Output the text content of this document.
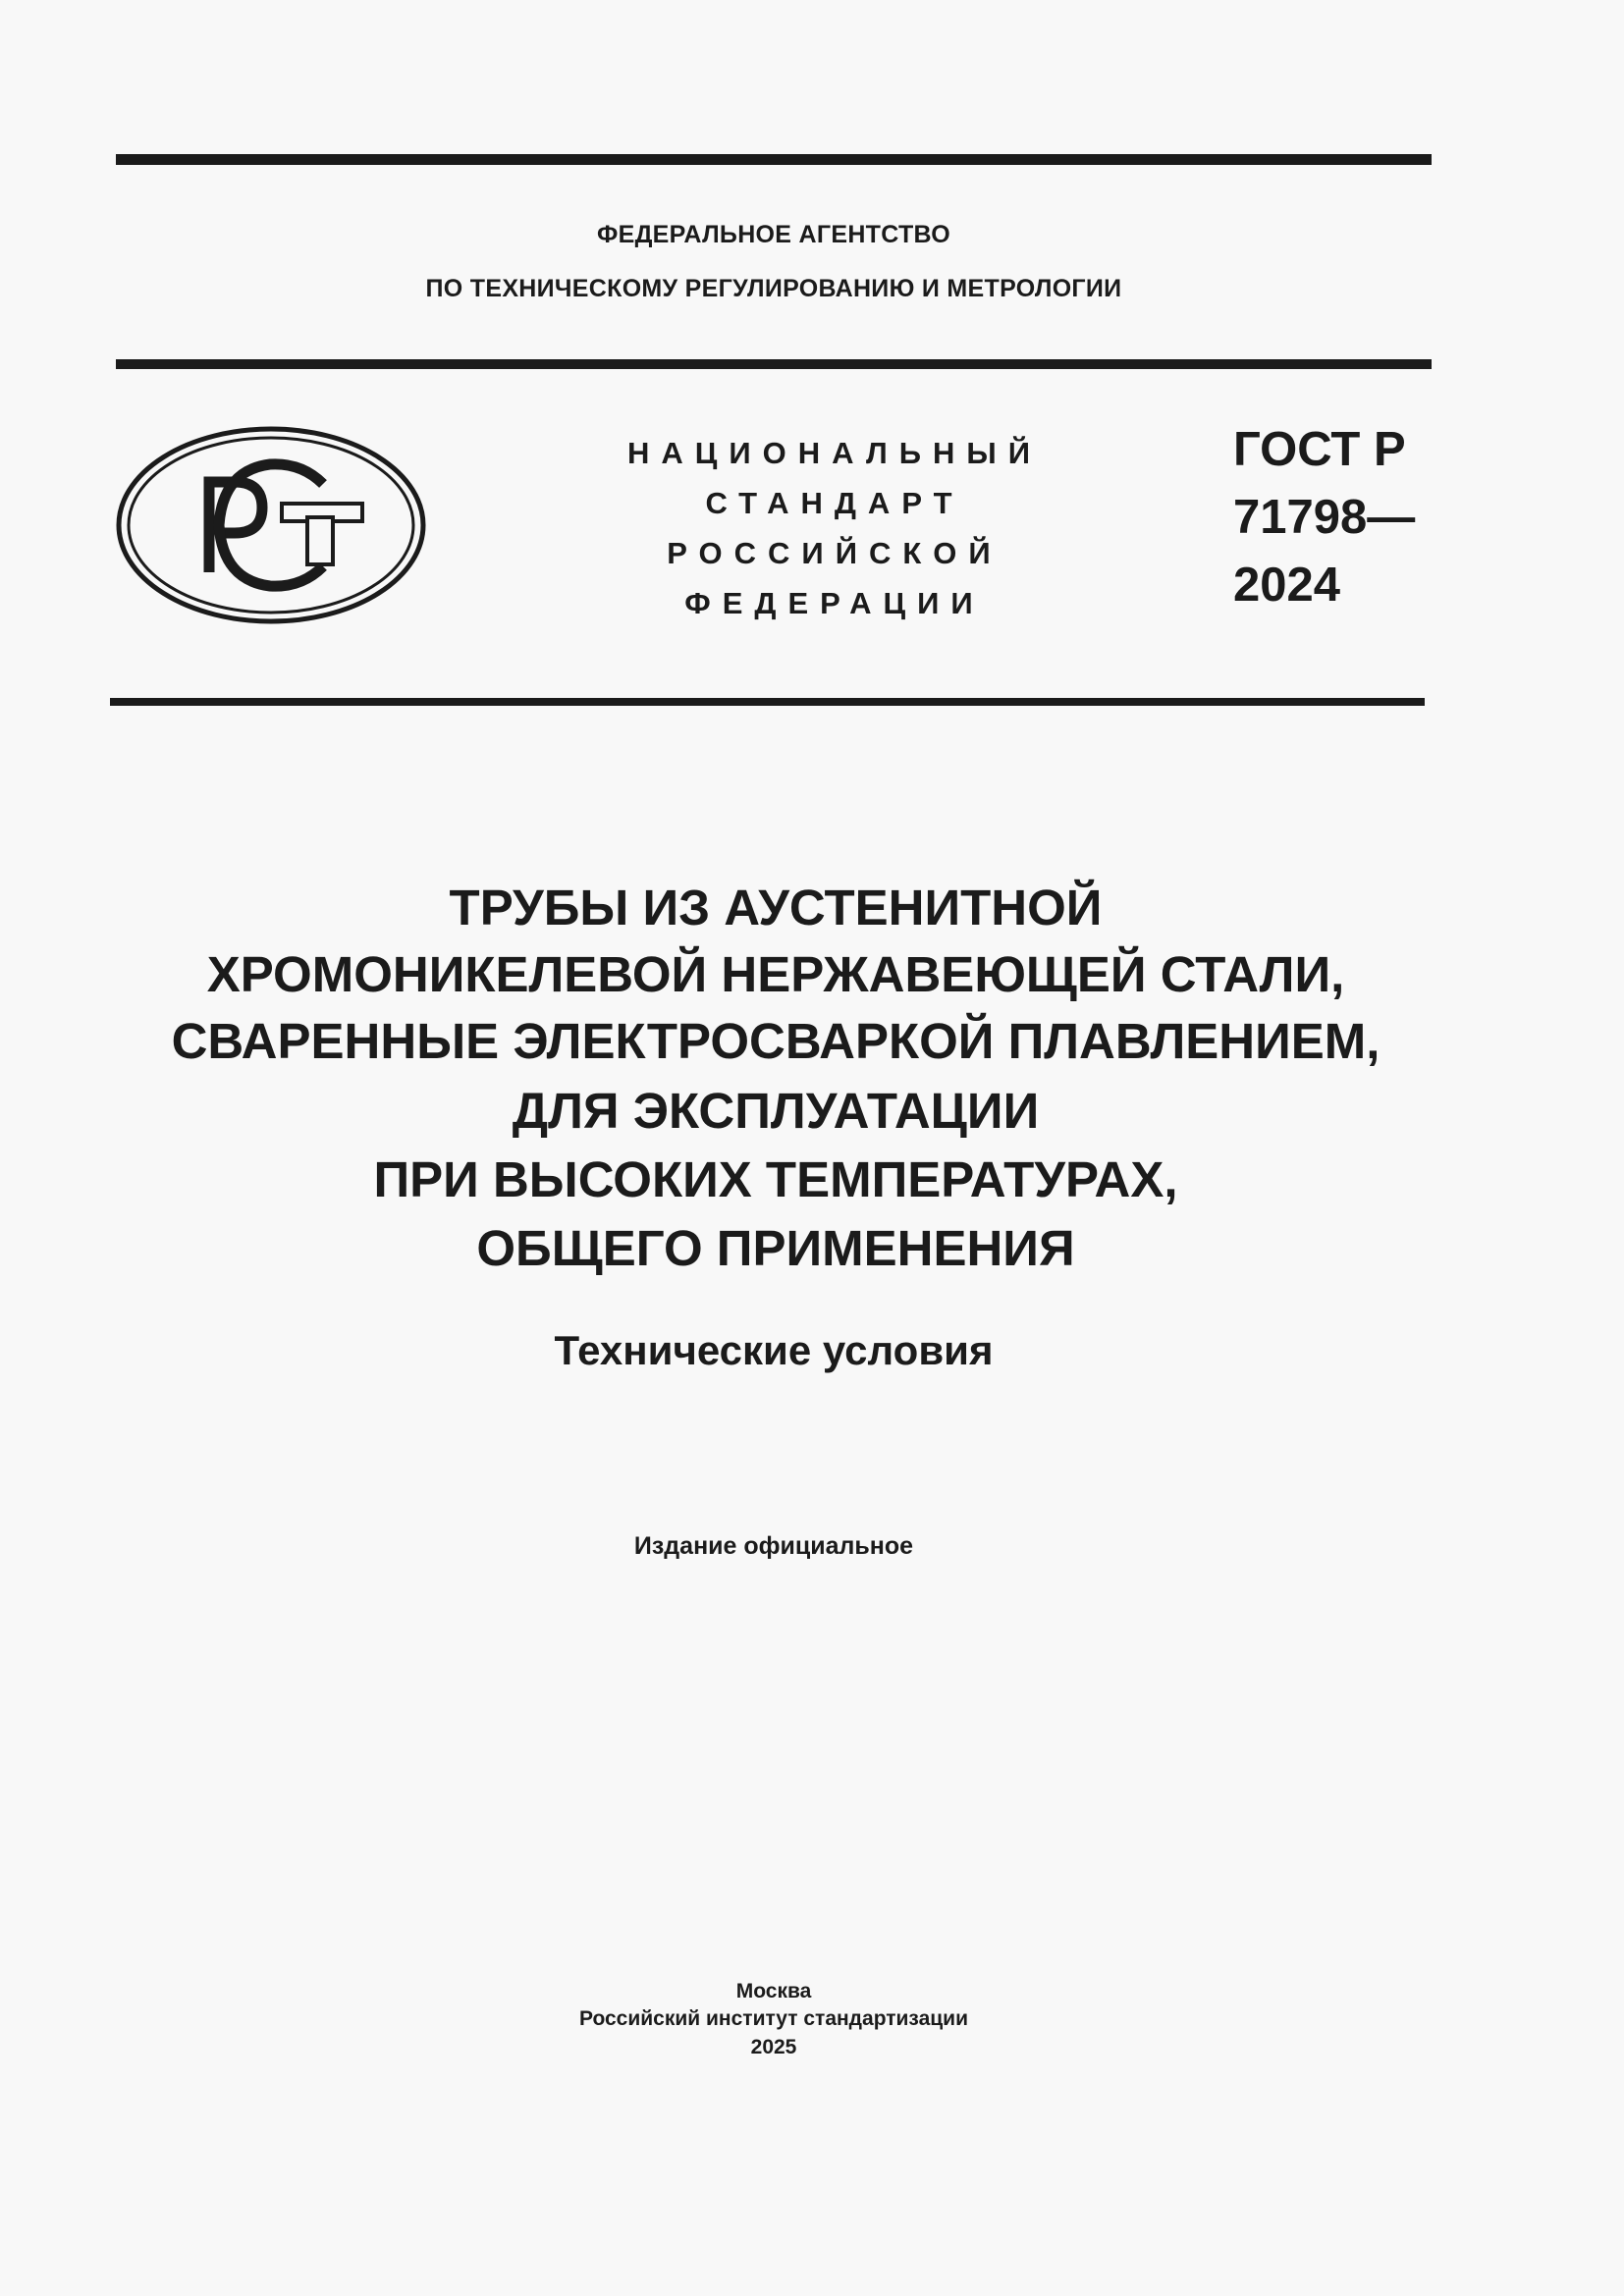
ФЕДЕРАЛЬНОЕ АГЕНТСТВО
ПО ТЕХНИЧЕСКОМУ РЕГУЛИРОВАНИЮ И МЕТРОЛОГИИ
НАЦИОНАЛЬНЫЙ
СТАНДАРТ
РОССИЙСКОЙ
ФЕДЕРАЦИИ
ГОСТ Р
71798—
2024
ТРУБЫ ИЗ АУСТЕНИТНОЙ
ХРОМОНИКЕЛЕВОЙ НЕРЖАВЕЮЩЕЙ СТАЛИ,
СВАРЕННЫЕ ЭЛЕКТРОСВАРКОЙ ПЛАВЛЕНИЕМ,
ДЛЯ ЭКСПЛУАТАЦИИ
ПРИ ВЫСОКИХ ТЕМПЕРАТУРАХ,
ОБЩЕГО ПРИМЕНЕНИЯ
Технические условия
Издание официальное
Москва
Российский институт стандартизации
2025
